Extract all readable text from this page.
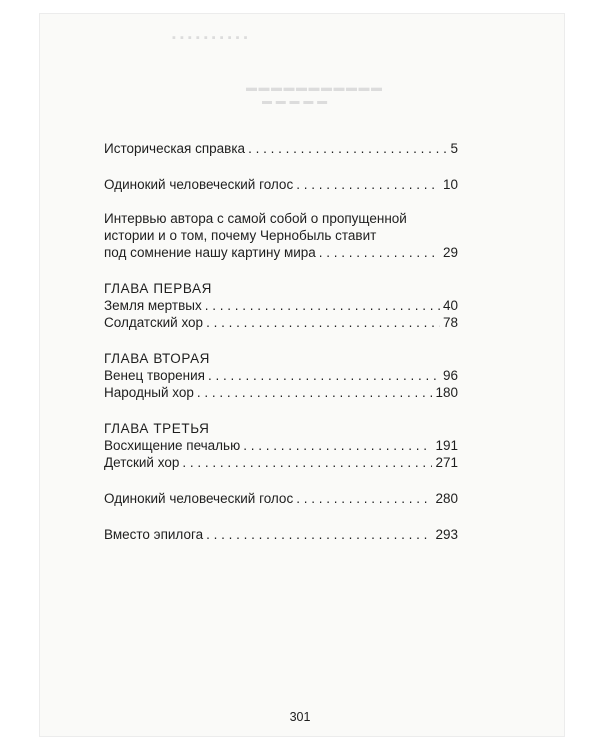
▪ ▪ ▪ ▪ ▪ ▪ ▪ ▪ ▪ ▪
▬▬▬▬▬▬▬▬▬▬▬
▬ ▬ ▬ ▬ ▬
Историческая справка . . .	5
Одинокий человеческий голос . . .	10
Интервью автора с самой собой о пропущенной
истории и о том, почему Чернобыль ставит
под сомнение нашу картину мира . . .	29
ГЛАВА ПЕРВАЯ
Земля мертвых . . .	40
Солдатский хор . . .	78
ГЛАВА ВТОРАЯ
Венец творения . . .	96
Народный хор . . .	180
ГЛАВА ТРЕТЬЯ
Восхищение печалью . . .	191
Детский хор . . .	271
Одинокий человеческий голос . . .	280
Вместо эпилога . . .	293
301
